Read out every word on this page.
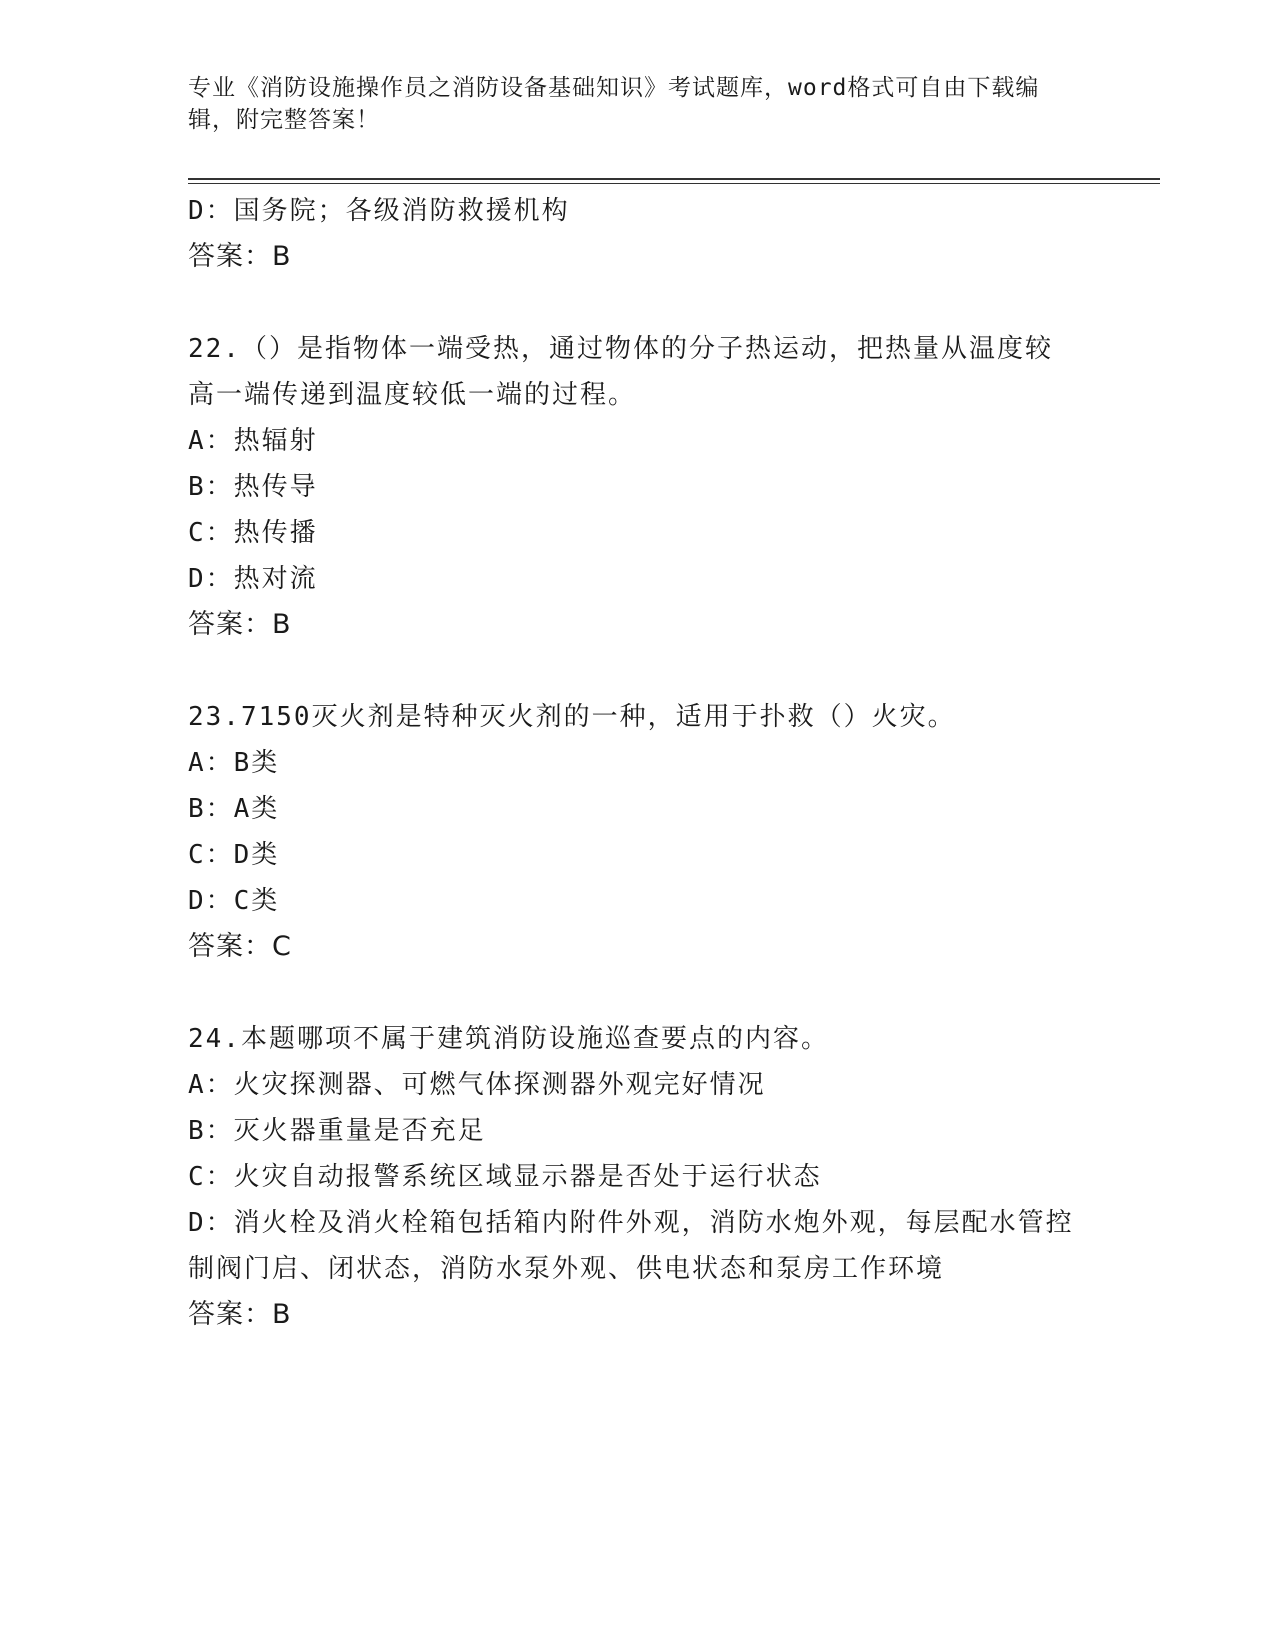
专业《消防设施操作员之消防设备基础知识》考试题库，word格式可自由下载编辑，附完整答案！

D：国务院；各级消防救援机构

答案：B

22.（）是指物体一端受热，通过物体的分子热运动，把热量从温度较高一端传递到温度较低一端的过程。

A：热辐射

B：热传导

C：热传播

D：热对流

答案：B

23.7150灭火剂是特种灭火剂的一种，适用于扑救（）火灾。

A：B类

B：A类

C：D类

D：C类

答案：C

24.本题哪项不属于建筑消防设施巡查要点的内容。

A：火灾探测器、可燃气体探测器外观完好情况

B：灭火器重量是否充足

C：火灾自动报警系统区域显示器是否处于运行状态

D：消火栓及消火栓箱包括箱内附件外观，消防水炮外观，每层配水管控制阀门启、闭状态，消防水泵外观、供电状态和泵房工作环境

答案：B
